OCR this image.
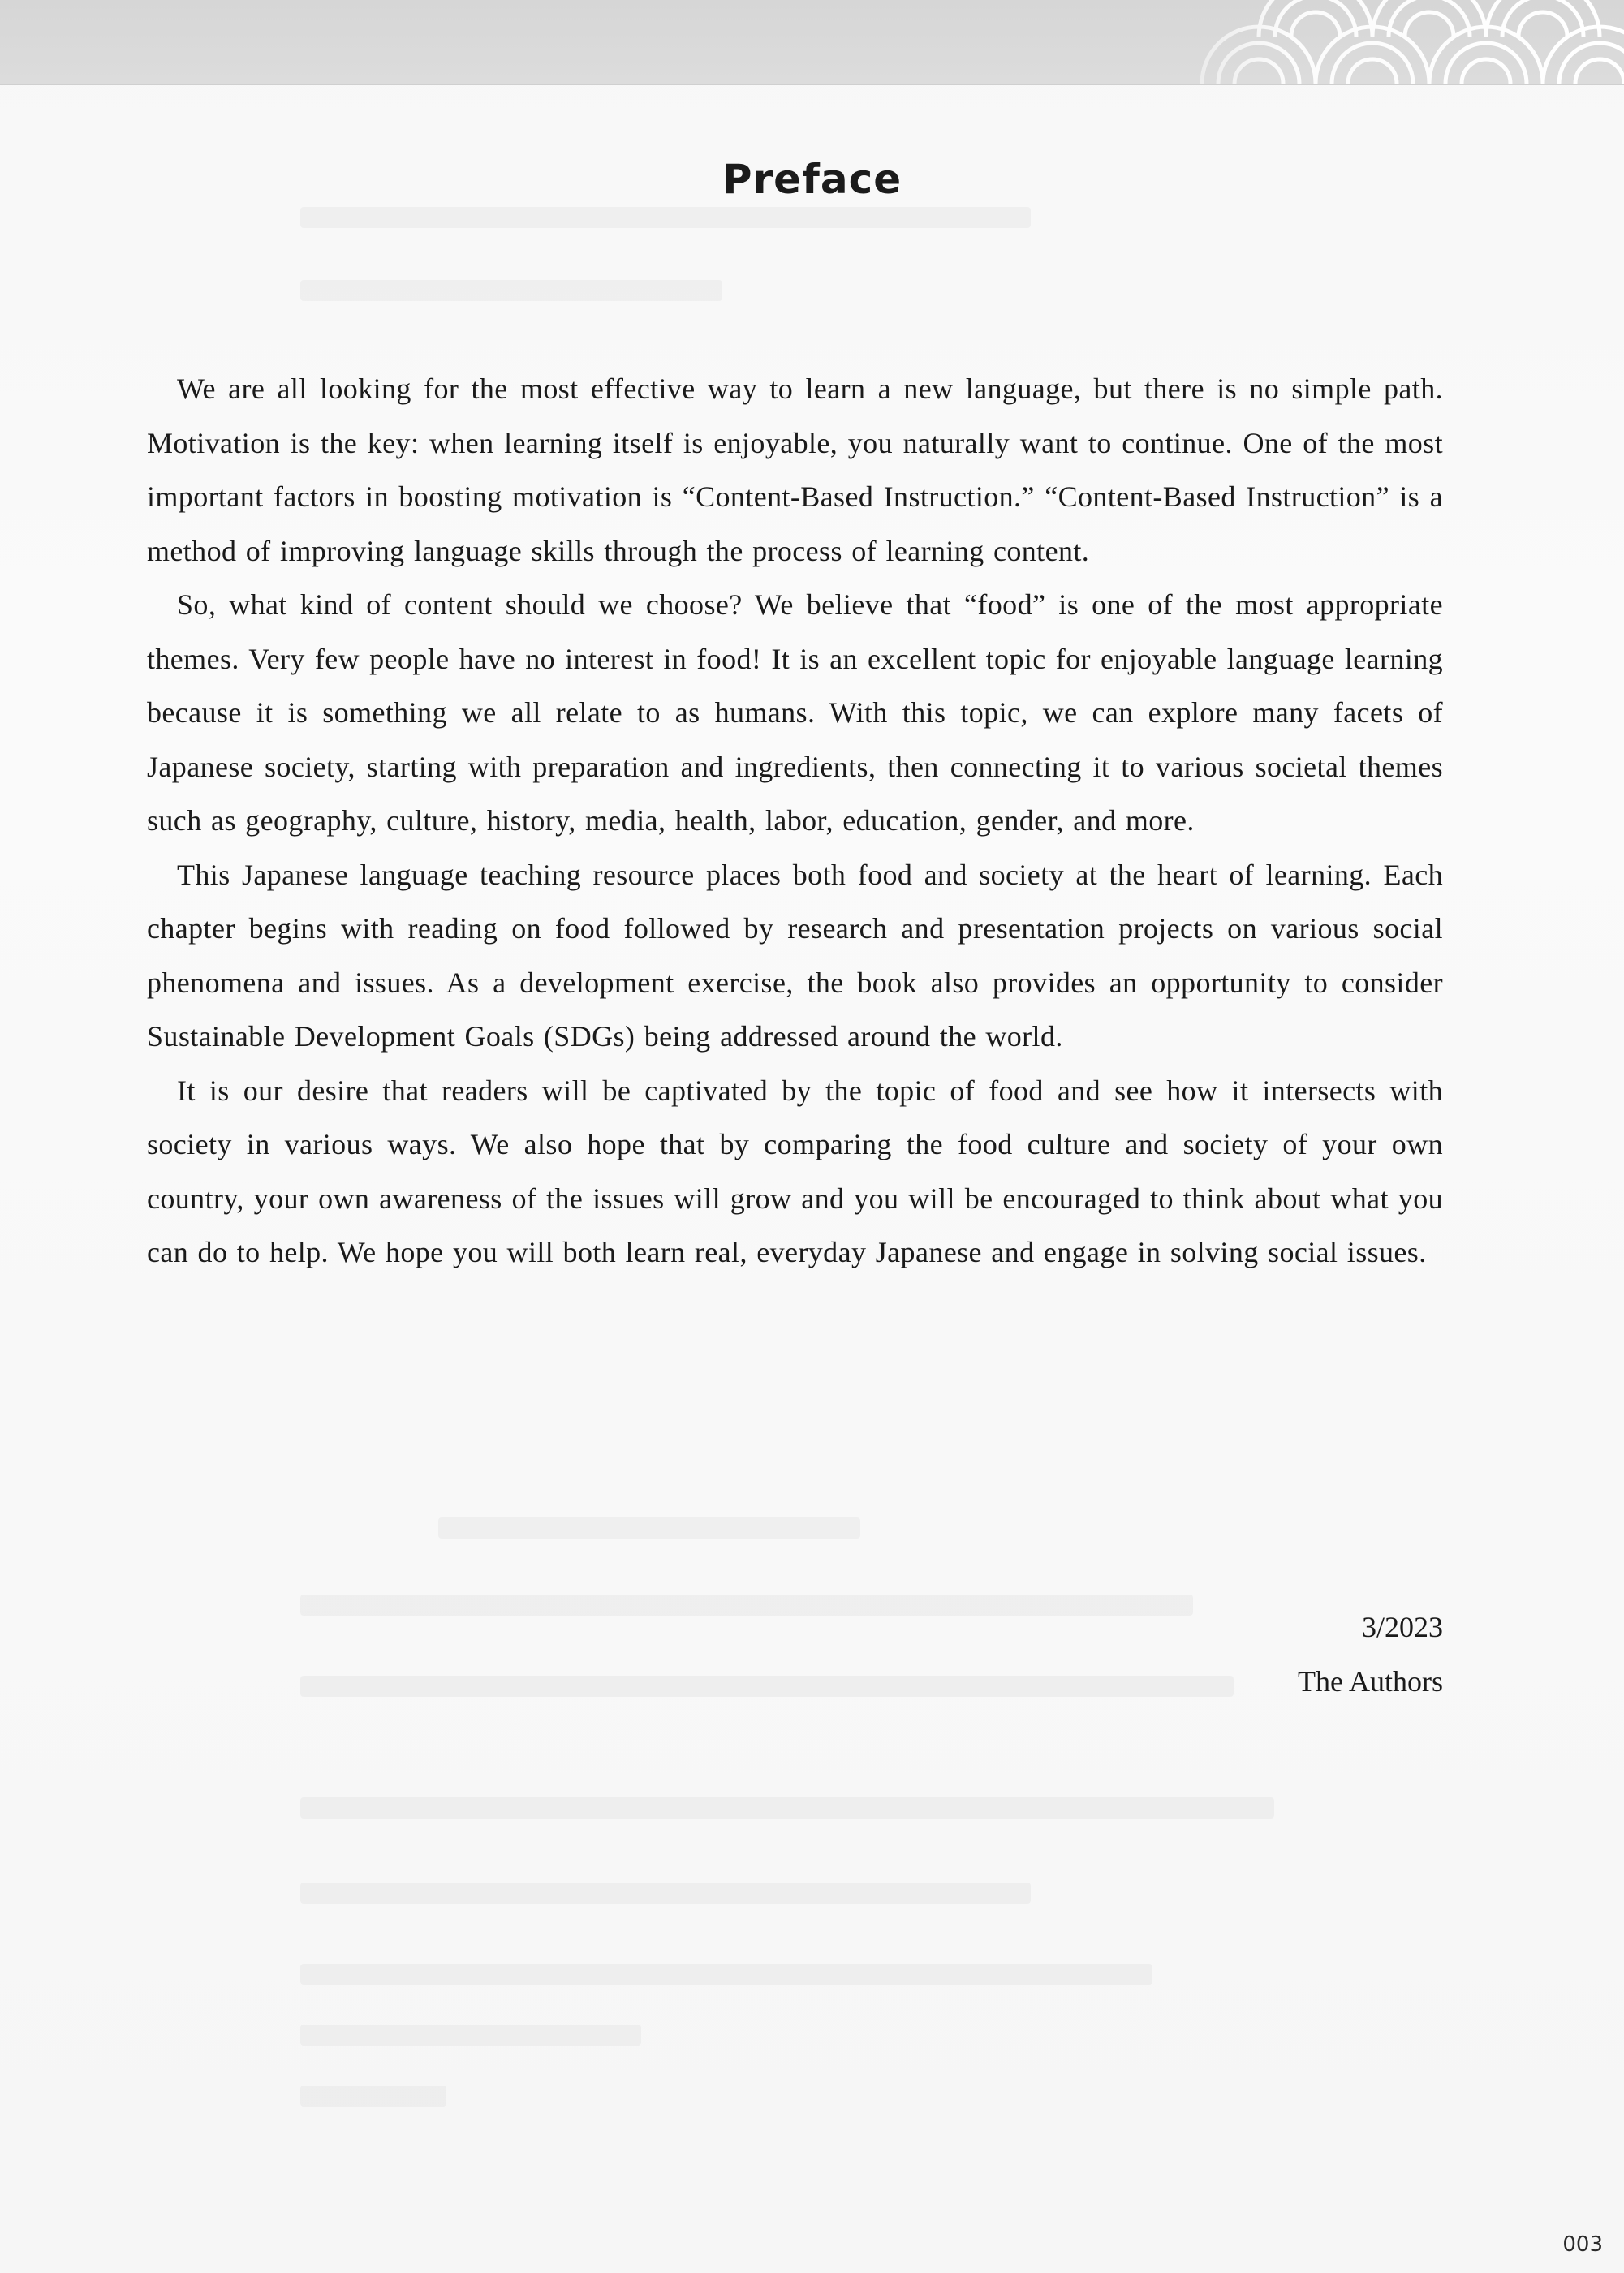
Preface

We are all looking for the most effective way to learn a new language, but there is no simple path. Motivation is the key: when learning itself is enjoyable, you naturally want to continue. One of the most important factors in boosting motivation is “Content-Based Instruction.” “Content-Based Instruction” is a method of improving language skills through the process of learning content.

So, what kind of content should we choose? We believe that “food” is one of the most appropriate themes. Very few people have no interest in food! It is an excellent topic for enjoyable language learning because it is something we all relate to as humans. With this topic, we can explore many facets of Japanese society, starting with preparation and ingredients, then connecting it to various societal themes such as geography, culture, history, media, health, labor, education, gender, and more.

This Japanese language teaching resource places both food and society at the heart of learning. Each chapter begins with reading on food followed by research and presentation projects on various social phenomena and issues. As a development exercise, the book also provides an opportunity to consider Sustainable Development Goals (SDGs) being addressed around the world.

It is our desire that readers will be captivated by the topic of food and see how it intersects with society in various ways. We also hope that by comparing the food culture and society of your own country, your own awareness of the issues will grow and you will be encouraged to think about what you can do to help. We hope you will both learn real, everyday Japanese and engage in solving social issues.

3/2023
The Authors
003
